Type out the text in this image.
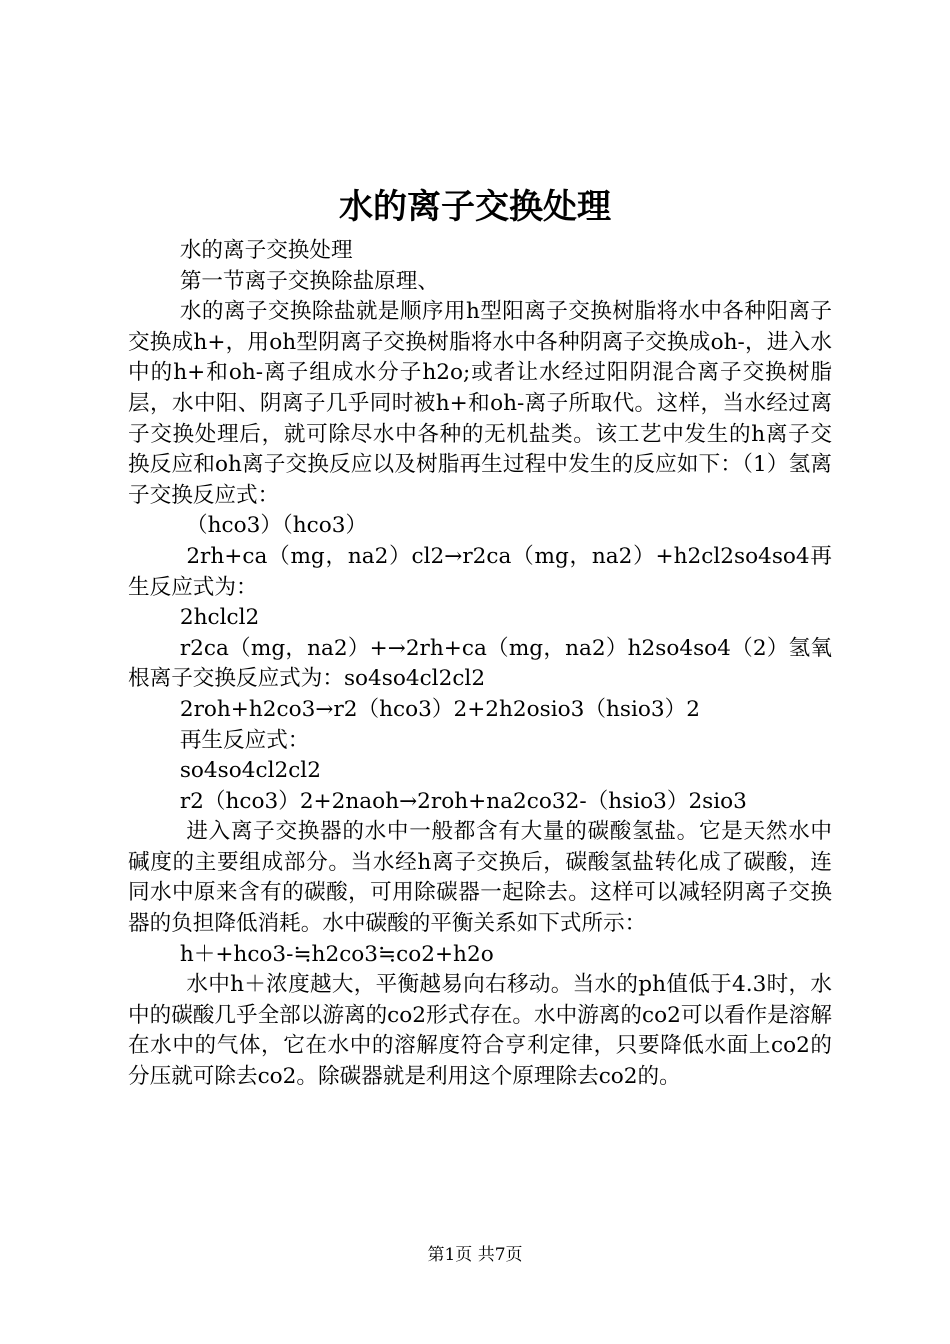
水的离子交换处理

水的离子交换处理

第一节离子交换除盐原理、

水的离子交换除盐就是顺序用h型阳离子交换树脂将水中各种阳离子交换成h+，用oh型阴离子交换树脂将水中各种阴离子交换成oh-，进入水中的h+和oh-离子组成水分子h2o;或者让水经过阳阴混合离子交换树脂层，水中阳、阴离子几乎同时被h+和oh-离子所取代。这样，当水经过离子交换处理后，就可除尽水中各种的无机盐类。该工艺中发生的h离子交换反应和oh离子交换反应以及树脂再生过程中发生的反应如下：（1）氢离子交换反应式：

（hco3）（hco3）

2rh+ca（mg，na2）cl2→r2ca（mg，na2）+h2cl2so4so4再生反应式为：

2hclcl2

r2ca（mg，na2）+→2rh+ca（mg，na2）h2so4so4（2）氢氧根离子交换反应式为：so4so4cl2cl2

2roh+h2co3→r2（hco3）2+2h2osio3（hsio3）2

再生反应式：

so4so4cl2cl2

r2（hco3）2+2naoh→2roh+na2co32-（hsio3）2sio3

进入离子交换器的水中一般都含有大量的碳酸氢盐。它是天然水中碱度的主要组成部分。当水经h离子交换后，碳酸氢盐转化成了碳酸，连同水中原来含有的碳酸，可用除碳器一起除去。这样可以减轻阴离子交换器的负担降低消耗。水中碳酸的平衡关系如下式所示：

h＋+hco3-≒h2co3≒co2+h2o

水中h＋浓度越大，平衡越易向右移动。当水的ph值低于4.3时，水中的碳酸几乎全部以游离的co2形式存在。水中游离的co2可以看作是溶解在水中的气体，它在水中的溶解度符合亨利定律，只要降低水面上co2的分压就可除去co2。除碳器就是利用这个原理除去co2的。

第1页 共7页
